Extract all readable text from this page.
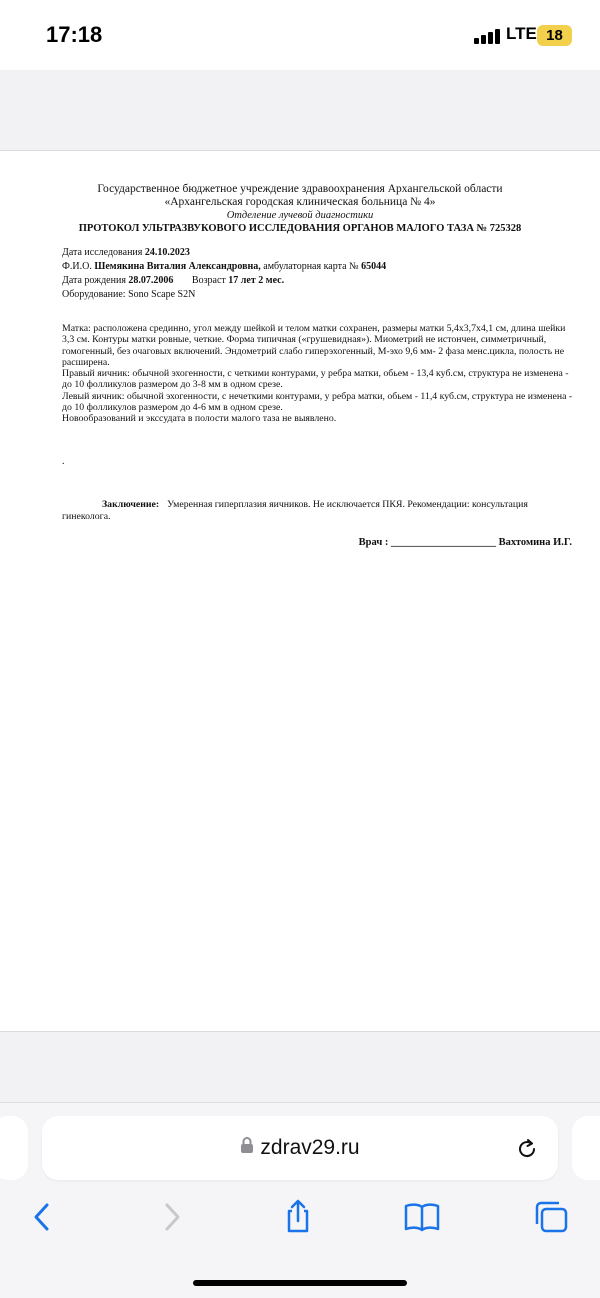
17:18	LTE 18
Государственное бюджетное учреждение здравоохранения Архангельской области
«Архангельская городская клиническая больница № 4»
Отделение лучевой диагностики
ПРОТОКОЛ УЛЬТРАЗВУКОВОГО ИССЛЕДОВАНИЯ ОРГАНОВ МАЛОГО ТАЗА № 725328
Дата исследования 24.10.2023
Ф.И.О. Шемякина Виталия Александровна, амбулаторная карта № 65044
Дата рождения 28.07.2006 Возраст 17 лет 2 мес.
Оборудование: Sono Scape S2N

Матка: расположена срединно, угол между шейкой и телом матки сохранен, размеры матки 5,4х3,7х4,1 см, длина шейки 3,3 см. Контуры матки ровные, четкие. Форма типичная («грушевидная»). Миометрий не истончен, симметричный, гомогенный, без очаговых включений. Эндометрий слабо гиперэхогенный, М-эхо 9,6 мм- 2 фаза менс.цикла, полость не расширена.

Правый яичник: обычной эхогенности, с четкими контурами, у ребра матки, обьем - 13,4 куб.см, структура не изменена - до 10 фолликулов размером до 3-8 мм в одном срезе.

Левый яичник: обычной эхогенности, с нечеткими контурами, у ребра матки, обьем - 11,4 куб.см, структура не изменена - до 10 фолликулов размером до 4-6 мм в одном срезе.

Новообразований и экссудата в полости малого таза не выявлено.

.
Заключение: Умеренная гиперплазия яичников. Не исключается ПКЯ. Рекомендации: консультация гинеколога.
Врач : ____________________ Вахтомина И.Г.
zdrav29.ru
